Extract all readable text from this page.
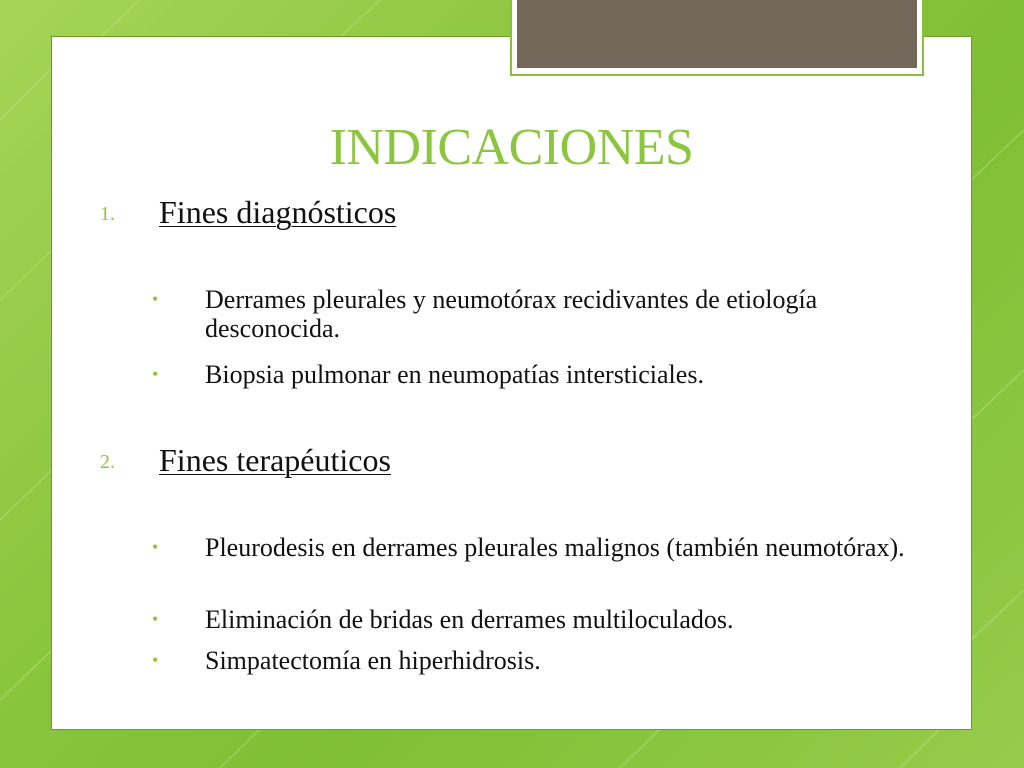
INDICACIONES
1. Fines diagnósticos
•	Derrames pleurales y neumotórax recidivantes de etiología desconocida.
•	Biopsia pulmonar en neumopatías intersticiales.
2. Fines terapéuticos
•	Pleurodesis en derrames pleurales malignos (también neumotórax).
•	Eliminación de bridas en derrames multiloculados.
•	Simpatectomía en hiperhidrosis.
